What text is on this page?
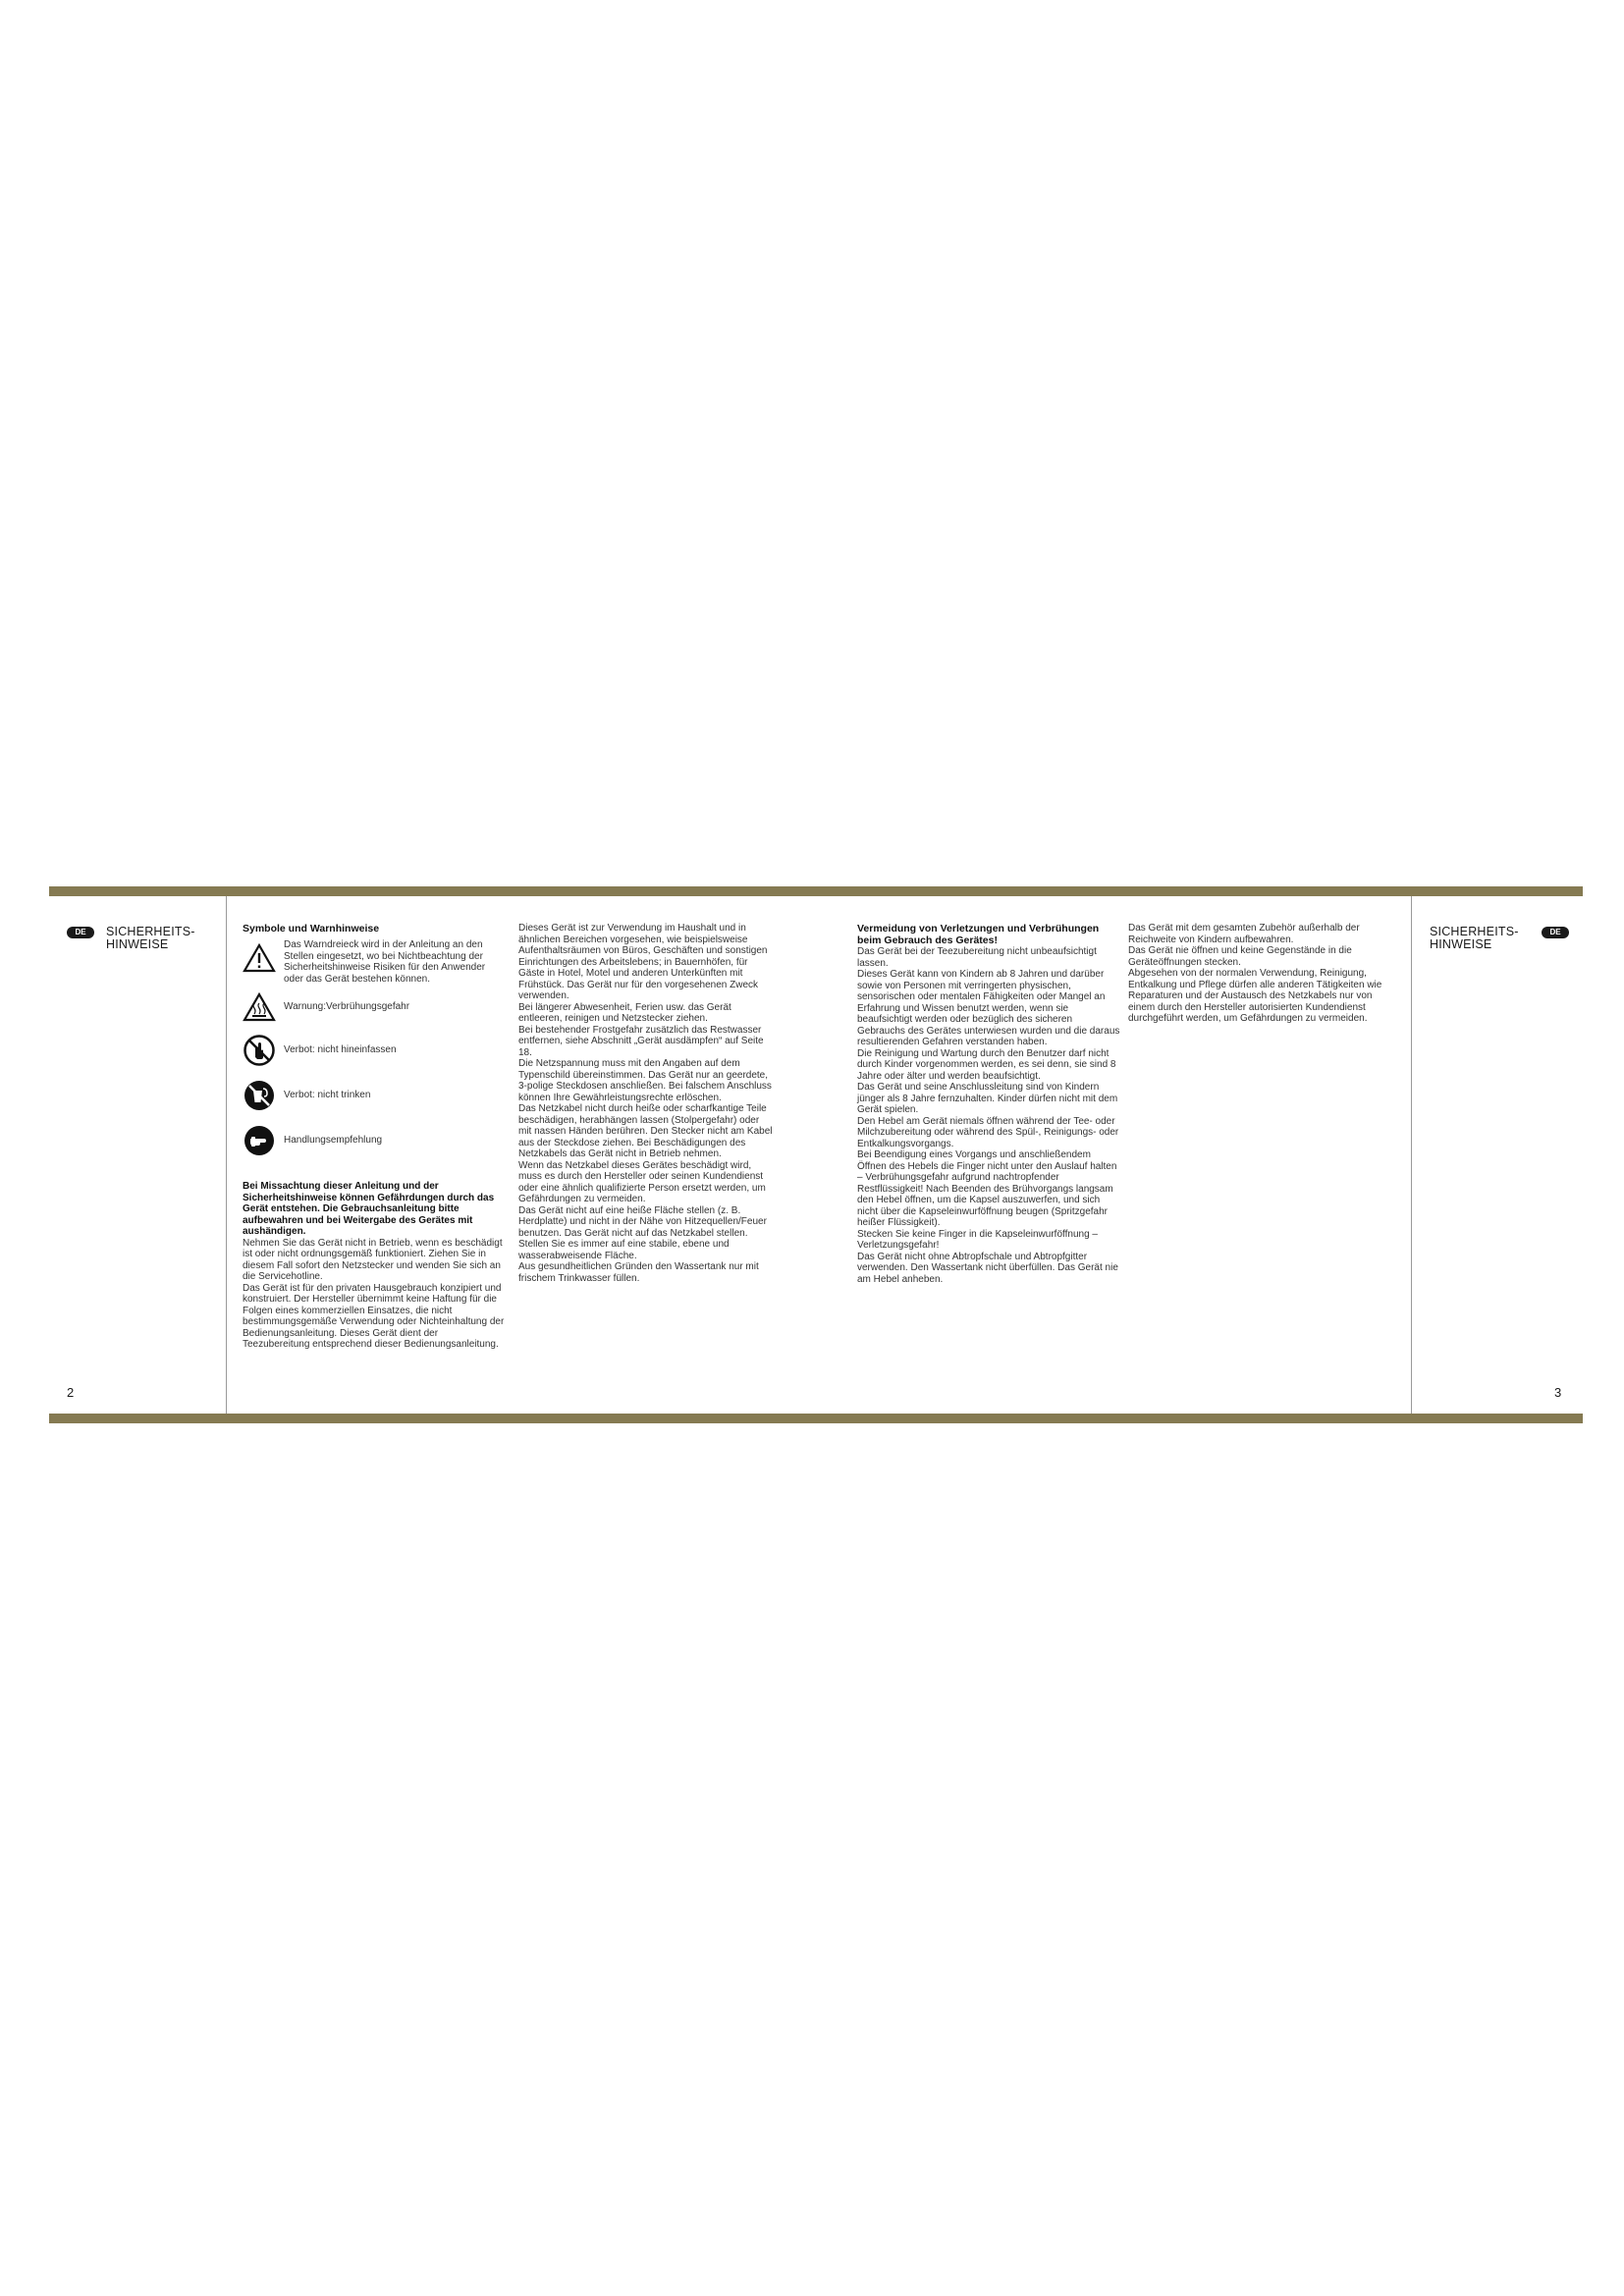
DE	SICHERHEITS-
HINWEISE
2
SICHERHEITS-
HINWEISE
DE
3
Symbole und Warnhinweise

Das Warndreieck wird in der Anleitung an den Stellen eingesetzt, wo bei Nichtbeachtung der Sicherheitshinweise Risiken für den Anwender oder das Gerät bestehen können.

Warnung:Verbrühungsgefahr
Verbot: nicht hineinfassen
Verbot: nicht trinken
Handlungsempfehlung

Bei Missachtung dieser Anleitung und der Sicherheitshinweise können Gefährdungen durch das Gerät entstehen. Die Gebrauchsanleitung bitte aufbewahren und bei Weitergabe des Gerätes mit aushändigen.

Nehmen Sie das Gerät nicht in Betrieb, wenn es beschädigt ist oder nicht ordnungsgemäß funktioniert. Ziehen Sie in diesem Fall sofort den Netzstecker und wenden Sie sich an die Servicehotline.

Das Gerät ist für den privaten Hausgebrauch konzipiert und konstruiert. Der Hersteller übernimmt keine Haftung für die Folgen eines kommerziellen Einsatzes, die nicht bestimmungsgemäße Verwendung oder Nichteinhaltung der Bedienungsanleitung. Dieses Gerät dient der Teezubereitung entsprechend dieser Bedienungsanleitung.

Dieses Gerät ist zur Verwendung im Haushalt und in ähnlichen Bereichen vorgesehen, wie beispielsweise Aufenthaltsräumen von Büros, Geschäften und sonstigen Einrichtungen des Arbeitslebens; in Bauernhöfen, für Gäste in Hotel, Motel und anderen Unterkünften mit Frühstück. Das Gerät nur für den vorgesehenen Zweck verwenden.

Bei längerer Abwesenheit, Ferien usw. das Gerät entleeren, reinigen und Netzstecker ziehen.

Bei bestehender Frostgefahr zusätzlich das Restwasser entfernen, siehe Abschnitt „Gerät ausdämpfen“ auf Seite 18.

Die Netzspannung muss mit den Angaben auf dem Typenschild übereinstimmen. Das Gerät nur an geerdete, 3-polige Steckdosen anschließen. Bei falschem Anschluss können Ihre Gewährleistungsrechte erlöschen.

Das Netzkabel nicht durch heiße oder scharfkantige Teile beschädigen, herabhängen lassen (Stolpergefahr) oder mit nassen Händen berühren. Den Stecker nicht am Kabel aus der Steckdose ziehen. Bei Beschädigungen des Netzkabels das Gerät nicht in Betrieb nehmen.

Wenn das Netzkabel dieses Gerätes beschädigt wird, muss es durch den Hersteller oder seinen Kundendienst oder eine ähnlich qualifizierte Person ersetzt werden, um Gefährdungen zu vermeiden.

Das Gerät nicht auf eine heiße Fläche stellen (z. B. Herdplatte) und nicht in der Nähe von Hitzequellen/Feuer benutzen. Das Gerät nicht auf das Netzkabel stellen. Stellen Sie es immer auf eine stabile, ebene und wasserabweisende Fläche.

Aus gesundheitlichen Gründen den Wassertank nur mit frischem Trinkwasser füllen.

Vermeidung von Verletzungen und Verbrühungen beim Gebrauch des Gerätes!

Das Gerät bei der Teezubereitung nicht unbeaufsichtigt lassen.

Dieses Gerät kann von Kindern ab 8 Jahren und darüber sowie von Personen mit verringerten physischen, sensorischen oder mentalen Fähigkeiten oder Mangel an Erfahrung und Wissen benutzt werden, wenn sie beaufsichtigt werden oder bezüglich des sicheren Gebrauchs des Gerätes unterwiesen wurden und die daraus resultierenden Gefahren verstanden haben.

Die Reinigung und Wartung durch den Benutzer darf nicht durch Kinder vorgenommen werden, es sei denn, sie sind 8 Jahre oder älter und werden beaufsichtigt.

Das Gerät und seine Anschlussleitung sind von Kindern jünger als 8 Jahre fernzuhalten. Kinder dürfen nicht mit dem Gerät spielen.

Den Hebel am Gerät niemals öffnen während der Tee- oder Milchzubereitung oder während des Spül-, Reinigungs- oder Entkalkungsvorgangs.

Bei Beendigung eines Vorgangs und anschließendem Öffnen des Hebels die Finger nicht unter den Auslauf halten – Verbrühungsgefahr aufgrund nachtropfender Restflüssigkeit! Nach Beenden des Brühvorgangs langsam den Hebel öffnen, um die Kapsel auszuwerfen, und sich nicht über die Kapseleinwurföffnung beugen (Spritzgefahr heißer Flüssigkeit).

Stecken Sie keine Finger in die Kapseleinwurföffnung – Verletzungsgefahr!

Das Gerät nicht ohne Abtropfschale und Abtropfgitter verwenden. Den Wassertank nicht überfüllen. Das Gerät nie am Hebel anheben.

Das Gerät mit dem gesamten Zubehör außerhalb der Reichweite von Kindern aufbewahren.

Das Gerät nie öffnen und keine Gegenstände in die Geräteöffnungen stecken.

Abgesehen von der normalen Verwendung, Reinigung, Entkalkung und Pflege dürfen alle anderen Tätigkeiten wie Reparaturen und der Austausch des Netzkabels nur von einem durch den Hersteller autorisierten Kundendienst durchgeführt werden, um Gefährdungen zu vermeiden.
